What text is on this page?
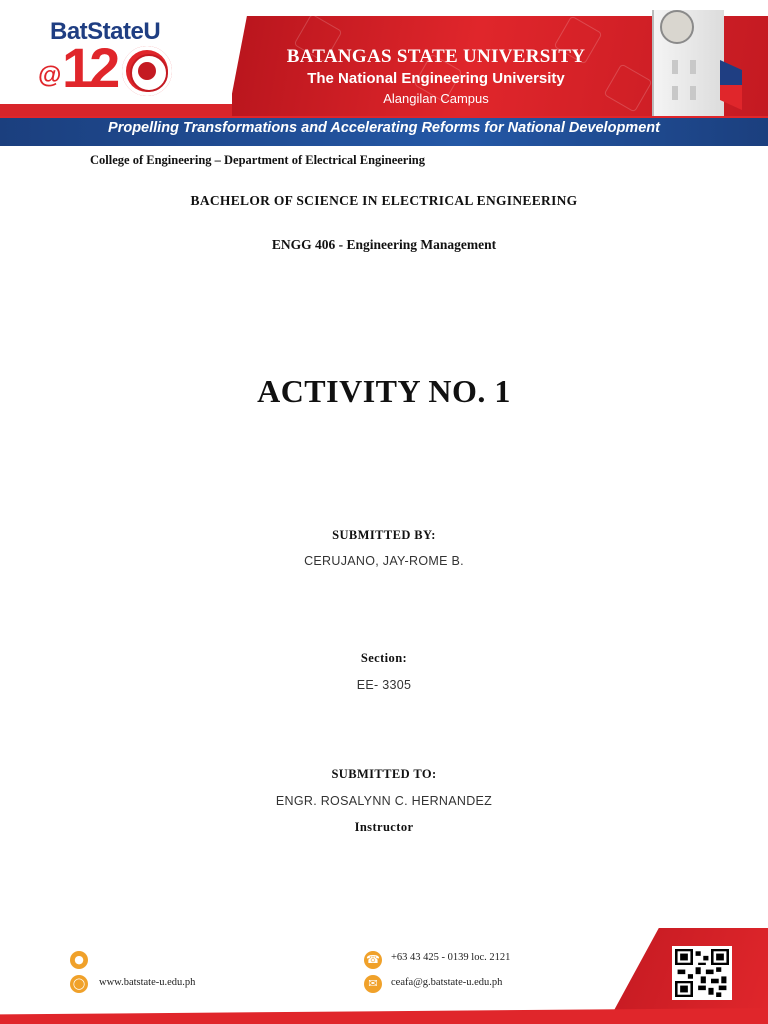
BatStateU
@ 12	BATANGAS STATE UNIVERSITY
The National Engineering University
Alangilan Campus
Propelling Transformations and Accelerating Reforms for National Development
College of Engineering – Department of Electrical Engineering
BACHELOR OF SCIENCE IN ELECTRICAL ENGINEERING
ENGG 406 - Engineering Management
ACTIVITY NO. 1
SUBMITTED BY:
CERUJANO, JAY-ROME B.
Section:
EE- 3305
SUBMITTED TO:
ENGR. ROSALYNN C. HERNANDEZ
Instructor
●
◯ www.batstate-u.edu.ph
☎ +63 43 425 - 0139 loc. 2121
✉	ceafa@g.batstate-u.edu.ph
